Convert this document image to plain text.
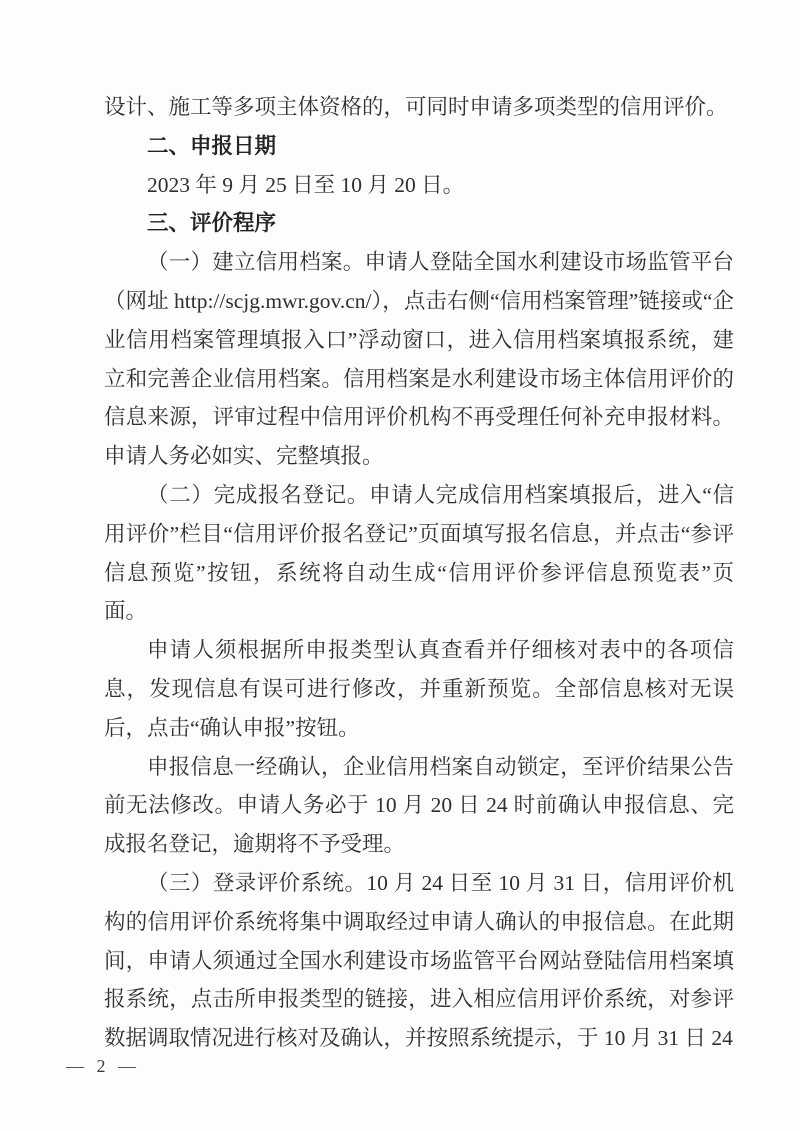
设计、施工等多项主体资格的，可同时申请多项类型的信用评价。

二、申报日期

2023 年 9 月 25 日至 10 月 20 日。

三、评价程序

（一）建立信用档案。申请人登陆全国水利建设市场监管平台（网址 http://scjg.mwr.gov.cn/），点击右侧“信用档案管理”链接或“企业信用档案管理填报入口”浮动窗口，进入信用档案填报系统，建立和完善企业信用档案。信用档案是水利建设市场主体信用评价的信息来源，评审过程中信用评价机构不再受理任何补充申报材料。申请人务必如实、完整填报。

（二）完成报名登记。申请人完成信用档案填报后，进入“信用评价”栏目“信用评价报名登记”页面填写报名信息，并点击“参评信息预览”按钮，系统将自动生成“信用评价参评信息预览表”页面。

申请人须根据所申报类型认真查看并仔细核对表中的各项信息，发现信息有误可进行修改，并重新预览。全部信息核对无误后，点击“确认申报”按钮。

申报信息一经确认，企业信用档案自动锁定，至评价结果公告前无法修改。申请人务必于 10 月 20 日 24 时前确认申报信息、完成报名登记，逾期将不予受理。

（三）登录评价系统。10 月 24 日至 10 月 31 日，信用评价机构的信用评价系统将集中调取经过申请人确认的申报信息。在此期间，申请人须通过全国水利建设市场监管平台网站登陆信用档案填报系统，点击所申报类型的链接，进入相应信用评价系统，对参评数据调取情况进行核对及确认，并按照系统提示，于 10 月 31 日 24

— 2 —
